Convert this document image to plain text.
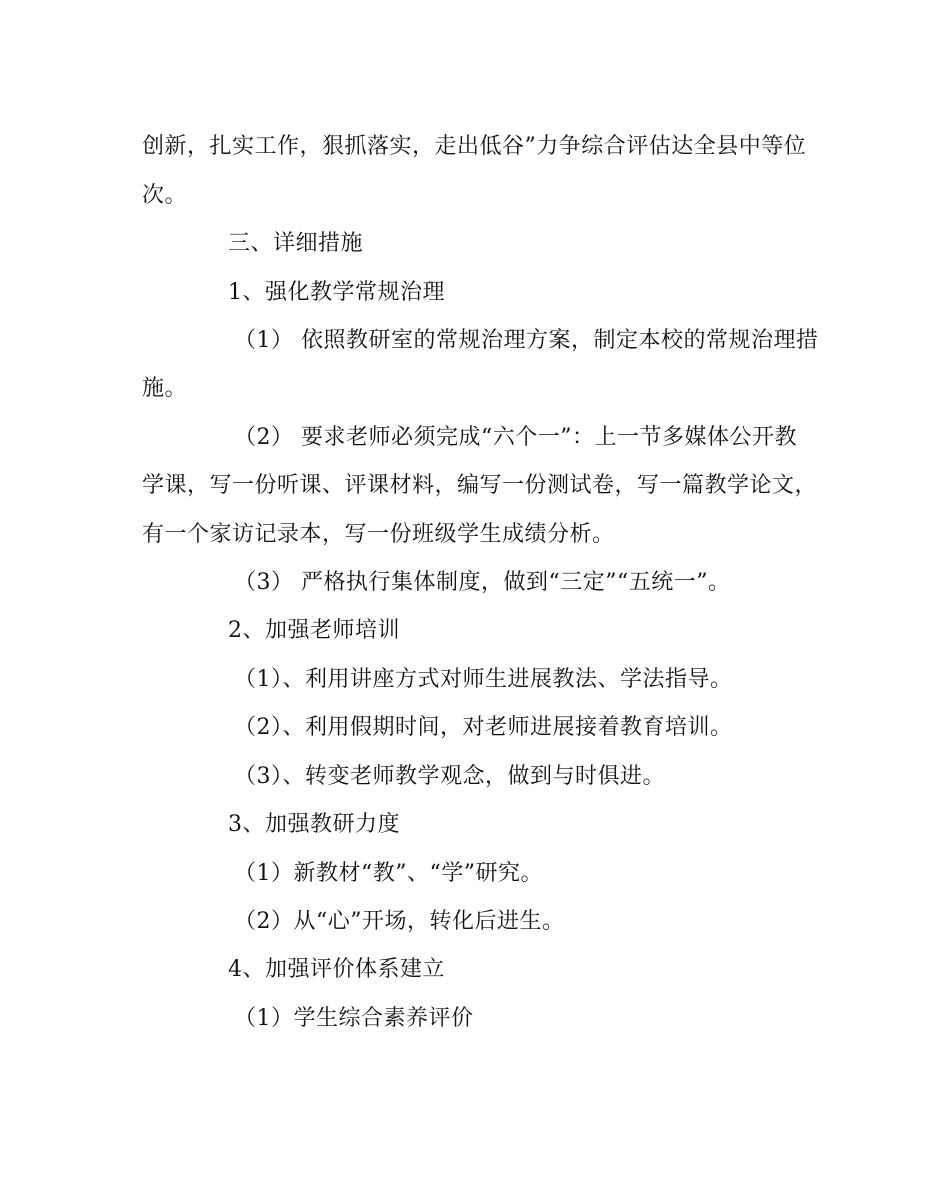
创新，扎实工作，狠抓落实，走出低谷”力争综合评估达全县中等位
次。
三、详细措施
1、强化教学常规治理
（1） 依照教研室的常规治理方案，制定本校的常规治理措
施。
（2） 要求老师必须完成“六个一”：上一节多媒体公开教
学课，写一份听课、评课材料，编写一份测试卷，写一篇教学论文，
有一个家访记录本，写一份班级学生成绩分析。
（3） 严格执行集体制度，做到“三定”“五统一”。
2、加强老师培训
（1）、利用讲座方式对师生进展教法、学法指导。
（2）、利用假期时间，对老师进展接着教育培训。
（3）、转变老师教学观念，做到与时俱进。
3、加强教研力度
（1）新教材“教”、“学”研究。
（2）从“心”开场，转化后进生。
4、加强评价体系建立
（1）学生综合素养评价
